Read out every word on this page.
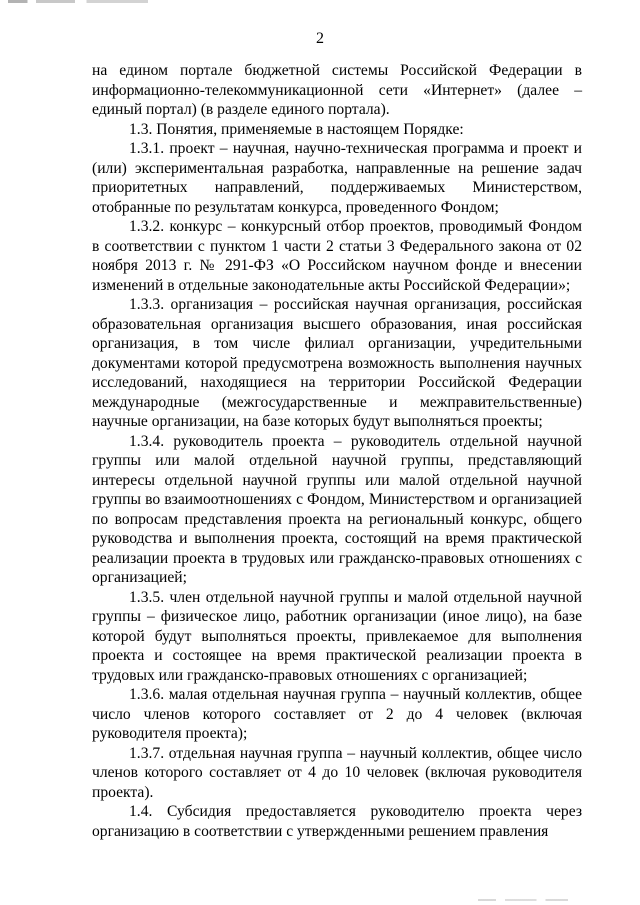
2

на едином портале бюджетной системы Российской Федерации в информационно-телекоммуникационной сети «Интернет» (далее – единый портал) (в разделе единого портала).

1.3. Понятия, применяемые в настоящем Порядке:

1.3.1. проект – научная, научно-техническая программа и проект и (или) экспериментальная разработка, направленные на решение задач приоритетных направлений, поддерживаемых Министерством, отобранные по результатам конкурса, проведенного Фондом;

1.3.2. конкурс – конкурсный отбор проектов, проводимый Фондом в соответствии с пунктом 1 части 2 статьи 3 Федерального закона от 02 ноября 2013 г. № 291-ФЗ «О Российском научном фонде и внесении изменений в отдельные законодательные акты Российской Федерации»;

1.3.3. организация – российская научная организация, российская образовательная организация высшего образования, иная российская организация, в том числе филиал организации, учредительными документами которой предусмотрена возможность выполнения научных исследований, находящиеся на территории Российской Федерации международные (межгосударственные и межправительственные) научные организации, на базе которых будут выполняться проекты;

1.3.4. руководитель проекта – руководитель отдельной научной группы или малой отдельной научной группы, представляющий интересы отдельной научной группы или малой отдельной научной группы во взаимоотношениях с Фондом, Министерством и организацией по вопросам представления проекта на региональный конкурс, общего руководства и выполнения проекта, состоящий на время практической реализации проекта в трудовых или гражданско-правовых отношениях с организацией;

1.3.5. член отдельной научной группы и малой отдельной научной группы – физическое лицо, работник организации (иное лицо), на базе которой будут выполняться проекты, привлекаемое для выполнения проекта и состоящее на время практической реализации проекта в трудовых или гражданско-правовых отношениях с организацией;

1.3.6. малая отдельная научная группа – научный коллектив, общее число членов которого составляет от 2 до 4 человек (включая руководителя проекта);

1.3.7. отдельная научная группа – научный коллектив, общее число членов которого составляет от 4 до 10 человек (включая руководителя проекта).

1.4. Субсидия предоставляется руководителю проекта через организацию в соответствии с утвержденными решением правления
